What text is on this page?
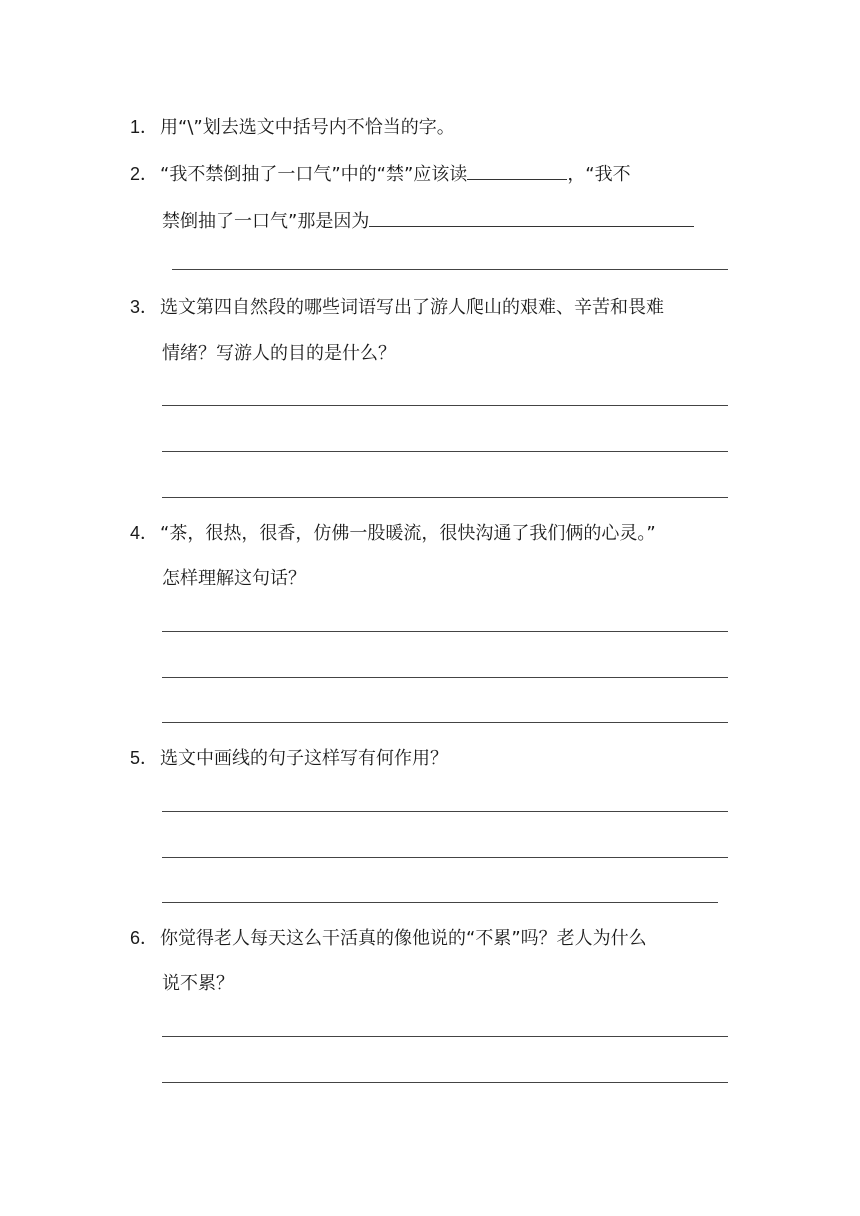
1． 用“\”划去选文中括号内不恰当的字。
2． “我不禁倒抽了一口气”中的“禁”应该读	，“我不
禁倒抽了一口气”那是因为
3． 选文第四自然段的哪些词语写出了游人爬山的艰难、辛苦和畏难
情绪？写游人的目的是什么？
4． “茶，很热，很香，仿佛一股暖流，很快沟通了我们俩的心灵。”
怎样理解这句话？
5． 选文中画线的句子这样写有何作用？
6． 你觉得老人每天这么干活真的像他说的“不累”吗？老人为什么
说不累？
